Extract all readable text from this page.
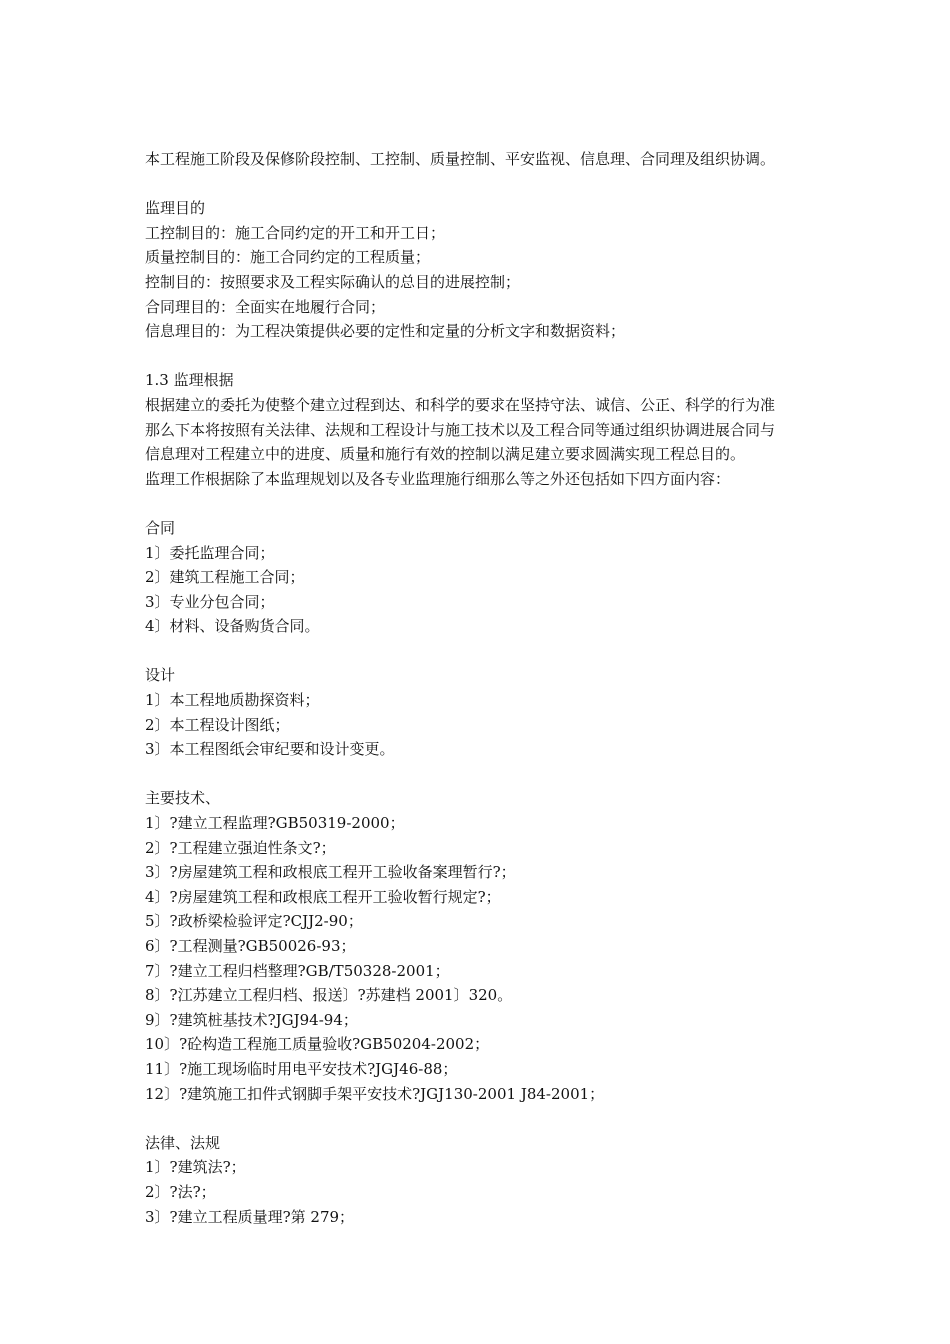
本工程施工阶段及保修阶段控制、工控制、质量控制、平安监视、信息理、合同理及组织协调。
监理目的
工控制目的：施工合同约定的开工和开工日；
质量控制目的：施工合同约定的工程质量；
控制目的：按照要求及工程实际确认的总目的进展控制；
合同理目的：全面实在地履行合同；
信息理目的：为工程决策提供必要的定性和定量的分析文字和数据资料；
1.3 监理根据
根据建立的委托为使整个建立过程到达、和科学的要求在坚持守法、诚信、公正、科学的行为准
那么下本将按照有关法律、法规和工程设计与施工技术以及工程合同等通过组织协调进展合同与
信息理对工程建立中的进度、质量和施行有效的控制以满足建立要求圆满实现工程总目的。
监理工作根据除了本监理规划以及各专业监理施行细那么等之外还包括如下四方面内容：
合同
1〕委托监理合同；
2〕建筑工程施工合同；
3〕专业分包合同；
4〕材料、设备购货合同。
设计
1〕本工程地质勘探资料；
2〕本工程设计图纸；
3〕本工程图纸会审纪要和设计变更。
主要技术、
1〕?建立工程监理?GB50319-2000；
2〕?工程建立强迫性条文?；
3〕?房屋建筑工程和政根底工程开工验收备案理暂行?；
4〕?房屋建筑工程和政根底工程开工验收暂行规定?；
5〕?政桥梁检验评定?CJJ2-90；
6〕?工程测量?GB50026-93；
7〕?建立工程归档整理?GB/T50328-2001；
8〕?江苏建立工程归档、报送〕?苏建档 2001〕320。
9〕?建筑桩基技术?JGJ94-94；
10〕?砼构造工程施工质量验收?GB50204-2002；
11〕?施工现场临时用电平安技术?JGJ46-88；
12〕?建筑施工扣件式钢脚手架平安技术?JGJ130-2001 J84-2001；
法律、法规
1〕?建筑法?；
2〕?法?；
3〕?建立工程质量理?第 279；
